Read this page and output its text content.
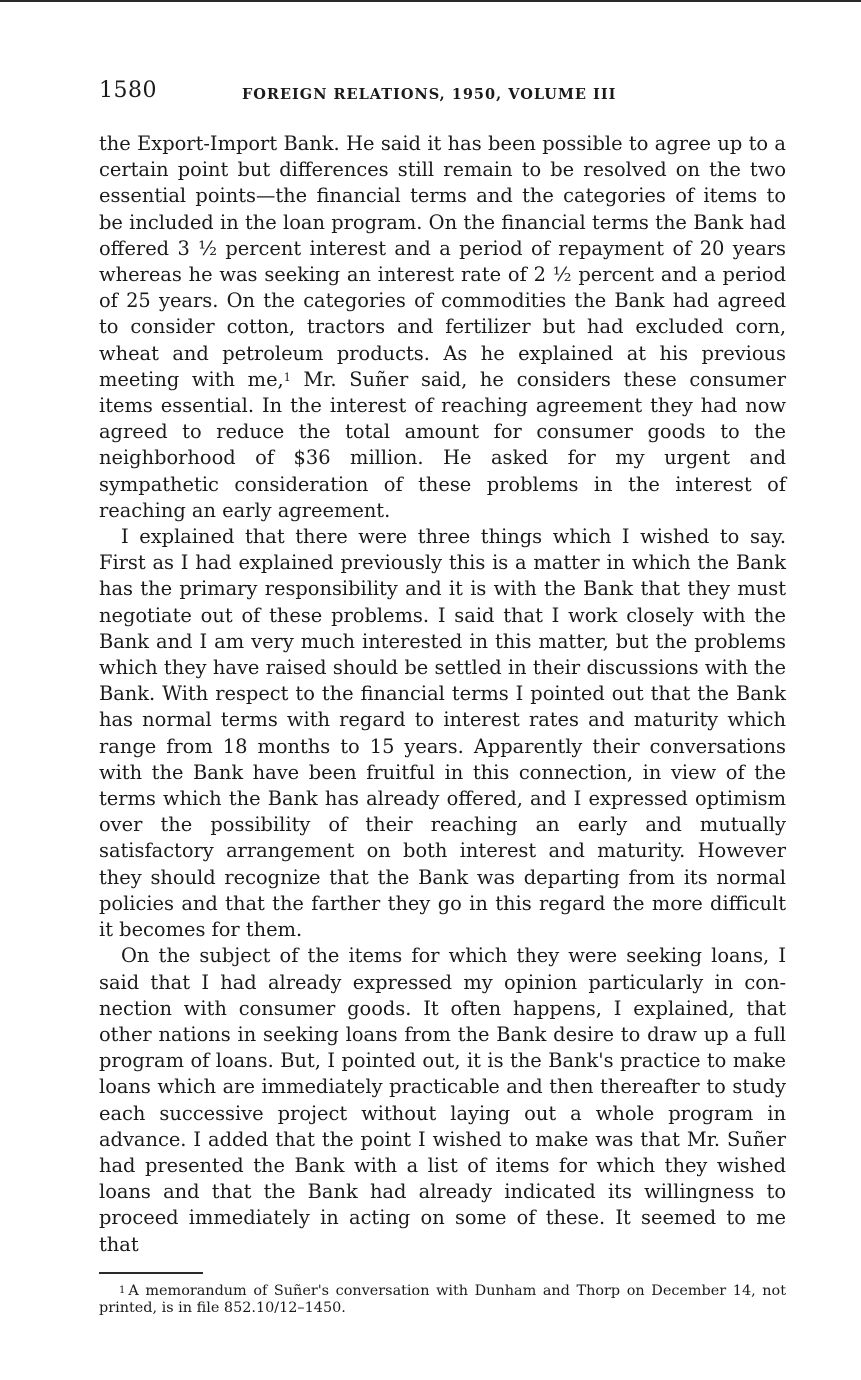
1580	FOREIGN RELATIONS, 1950, VOLUME III

the Export-Import Bank. He said it has been possible to agree up to a certain point but differences still remain to be resolved on the two essential points—the financial terms and the categories of items to be included in the loan program. On the financial terms the Bank had offered 3 ½ percent interest and a period of repayment of 20 years whereas he was seeking an interest rate of 2 ½ percent and a period of 25 years. On the categories of commodities the Bank had agreed to consider cotton, tractors and fertilizer but had excluded corn, wheat and petroleum products. As he explained at his previous meeting with me,$^1$ Mr. Suñer said, he considers these consumer items essential. In the interest of reaching agreement they had now agreed to reduce the total amount for consumer goods to the neighborhood of $36 million. He asked for my urgent and sympathetic consideration of these problems in the interest of reaching an early agreement.

I explained that there were three things which I wished to say. First as I had explained previously this is a matter in which the Bank has the primary responsibility and it is with the Bank that they must negotiate out of these problems. I said that I work closely with the Bank and I am very much interested in this matter, but the problems which they have raised should be settled in their discussions with the Bank. With respect to the financial terms I pointed out that the Bank has normal terms with regard to interest rates and maturity which range from 18 months to 15 years. Apparently their conversations with the Bank have been fruitful in this connection, in view of the terms which the Bank has already offered, and I expressed optimism over the possibility of their reaching an early and mutually satisfactory arrangement on both interest and maturity. However they should recognize that the Bank was departing from its normal policies and that the farther they go in this regard the more difficult it becomes for them.

On the subject of the items for which they were seeking loans, I said that I had already expressed my opinion particularly in connection with consumer goods. It often happens, I explained, that other nations in seeking loans from the Bank desire to draw up a full program of loans. But, I pointed out, it is the Bank's practice to make loans which are immediately practicable and then thereafter to study each successive project without laying out a whole program in advance. I added that the point I wished to make was that Mr. Suñer had presented the Bank with a list of items for which they wished loans and that the Bank had already indicated its willingness to proceed immediately in acting on some of these. It seemed to me that

$^1$ A memorandum of Suñer's conversation with Dunham and Thorp on December 14, not printed, is in file 852.10/12–1450.
